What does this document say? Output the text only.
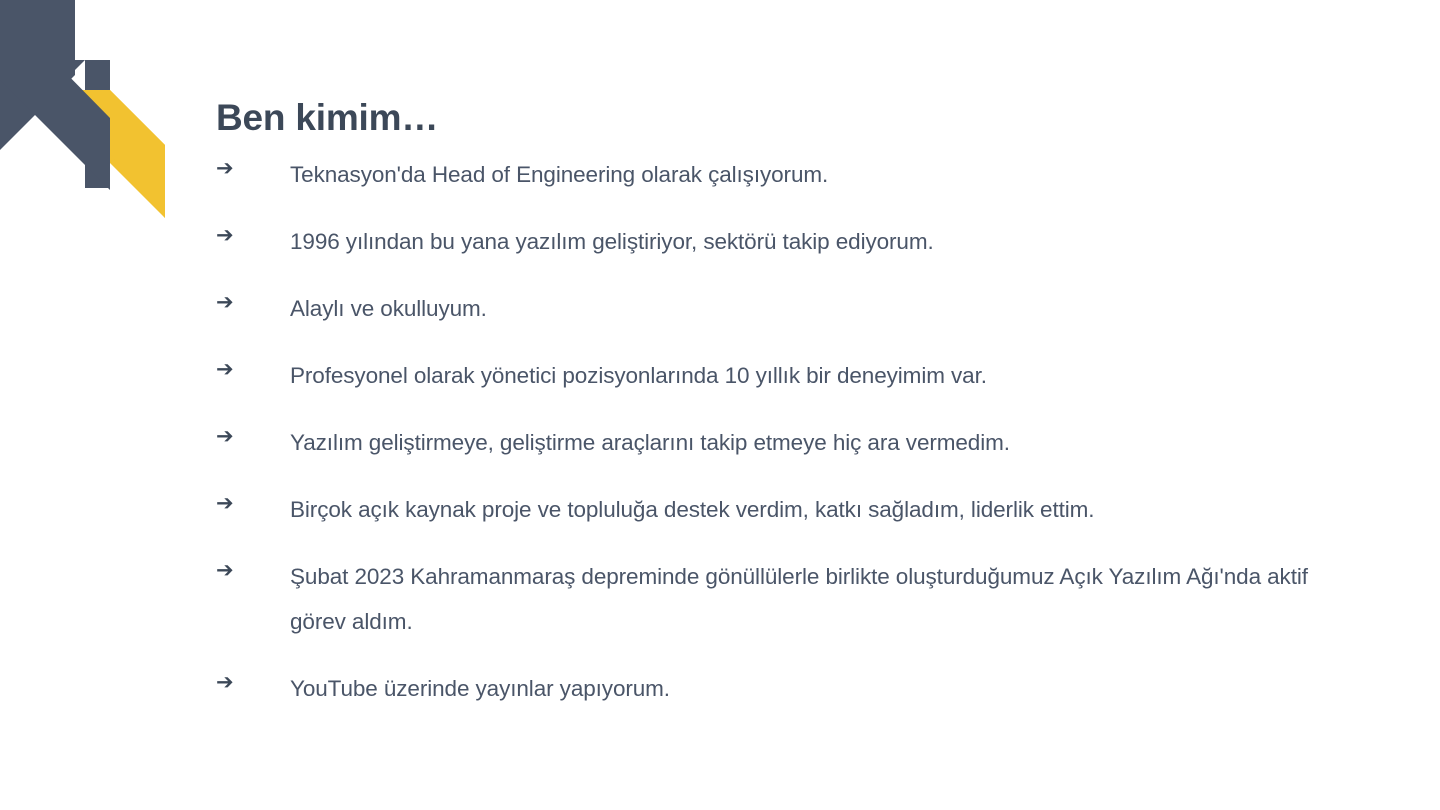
Ben kimim…
➔	Teknasyon'da Head of Engineering olarak çalışıyorum.
➔	1996 yılından bu yana yazılım geliştiriyor, sektörü takip ediyorum.
➔	Alaylı ve okulluyum.
➔	Profesyonel olarak yönetici pozisyonlarında 10 yıllık bir deneyimim var.
➔	Yazılım geliştirmeye, geliştirme araçlarını takip etmeye hiç ara vermedim.
➔	Birçok açık kaynak proje ve topluluğa destek verdim, katkı sağladım, liderlik ettim.
➔	Şubat 2023 Kahramanmaraş depreminde gönüllülerle birlikte oluşturduğumuz Açık Yazılım Ağı'nda aktif görev aldım.
➔	YouTube üzerinde yayınlar yapıyorum.
